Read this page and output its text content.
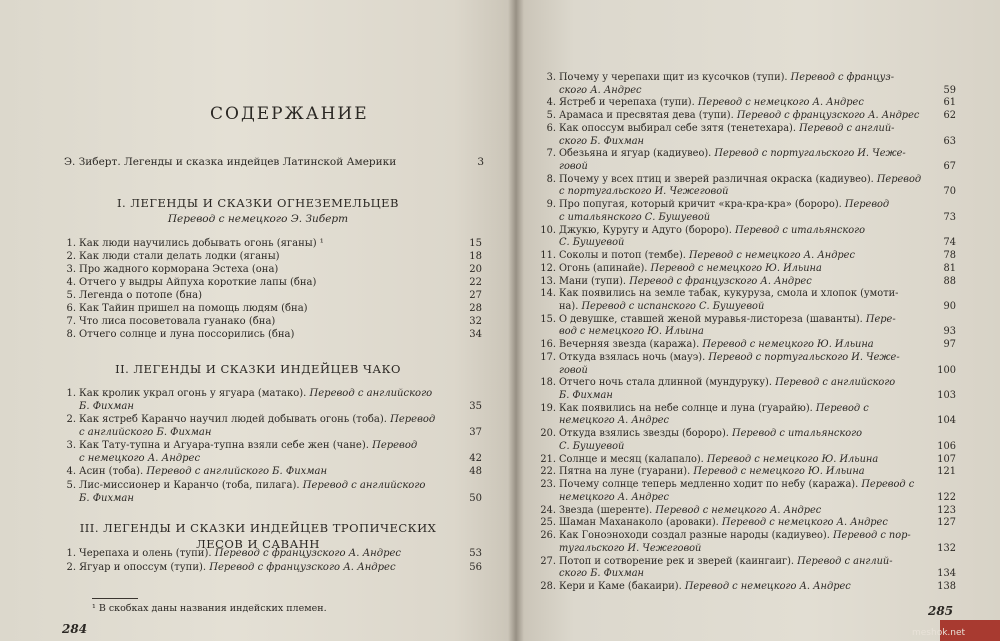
СОДЕРЖАНИЕ
Э. Зиберт. Легенды и сказка индейцев Латинской Америки	3
I. ЛЕГЕНДЫ И СКАЗКИ ОГНЕЗЕМЕЛЬЦЕВ
Перевод с немецкого Э. Зиберт
1. Как люди научились добывать огонь (яганы) ¹	15
2. Как люди стали делать лодки (яганы)	18
3. Про жадного корморана Эстеха (она)	20
4. Отчего у выдры Айпуха короткие лапы (бна)	22
5. Легенда о потопе (бна)	27
6. Как Тайин пришел на помощь людям (бна)	28
7. Что лиса посоветовала гуанако (бна)	32
8. Отчего солнце и луна поссорились (бна)	34
II. ЛЕГЕНДЫ И СКАЗКИ ИНДЕЙЦЕВ ЧАКО
1. Как кролик украл огонь у ягуара (матако). Перевод с английского
Б. Фихман	35
2. Как ястреб Каранчо научил людей добывать огонь (тоба). Перевод
с английского Б. Фихман	37
3. Как Тату-тупна и Агуара-тупна взяли себе жен (чане). Перевод
с немецкого А. Андрес	42
4. Асин (тоба). Перевод с английского Б. Фихман	48
5. Лис-миссионер и Каранчо (тоба, пилага). Перевод с английского
Б. Фихман	50
III. ЛЕГЕНДЫ И СКАЗКИ ИНДЕЙЦЕВ ТРОПИЧЕСКИХ
ЛЕСОВ И САВАНН
1. Черепаха и олень (тупи). Перевод с французского А. Андрес	53
2. Ягуар и опоссум (тупи). Перевод с французского А. Андрес	56
¹ В скобках даны названия индейских племен.
284
3. Почему у черепахи щит из кусочков (тупи). Перевод с француз-
ского А. Андрес	59
4. Ястреб и черепаха (тупи). Перевод с немецкого А. Андрес	61
5. Арамаса и пресвятая дева (тупи). Перевод с французского А. Андрес	62
6. Как опоссум выбирал себе зятя (тенетехара). Перевод с англий-
ского Б. Фихман	63
7. Обезьяна и ягуар (кадиувео). Перевод с португальского И. Чеже-
говой	67
8. Почему у всех птиц и зверей различная окраска (кадиувео). Перевод
с португальского И. Чежеговой	70
9. Про попугая, который кричит «кра-кра-кра» (бороро). Перевод
с итальянского С. Бушуевой	73
10. Джукю, Куругу и Адуго (бороро). Перевод с итальянского
С. Бушуевой	74
11. Соколы и потоп (тембе). Перевод с немецкого А. Андрес	78
12. Огонь (апинайе). Перевод с немецкого Ю. Ильина	81
13. Мани (тупи). Перевод с французского А. Андрес	88
14. Как появились на земле табак, кукуруза, смола и хлопок (умоти-
на). Перевод с испанского С. Бушуевой	90
15. О девушке, ставшей женой муравья-листореза (шаванты). Пере-
вод с немецкого Ю. Ильина	93
16. Вечерняя звезда (каража). Перевод с немецкого Ю. Ильина	97
17. Откуда взялась ночь (мауэ). Перевод с португальского И. Чеже-
говой	100
18. Отчего ночь стала длинной (мундуруку). Перевод с английского
Б. Фихман	103
19. Как появились на небе солнце и луна (гуарайю). Перевод с
немецкого А. Андрес	104
20. Откуда взялись звезды (бороро). Перевод с итальянского
С. Бушуевой	106
21. Солнце и месяц (калапало). Перевод с немецкого Ю. Ильина	107
22. Пятна на луне (гуарани). Перевод с немецкого Ю. Ильина	121
23. Почему солнце теперь медленно ходит по небу (каража). Перевод с
немецкого А. Андрес	122
24. Звезда (шеренте). Перевод с немецкого А. Андрес	123
25. Шаман Маханаколо (ароваки). Перевод с немецкого А. Андрес	127
26. Как Гоноэноходи создал разные народы (кадиувео). Перевод с пор-
тугальского И. Чежеговой	132
27. Потоп и сотворение рек и зверей (каингаиг). Перевод с англий-
ского Б. Фихман	134
28. Кери и Каме (бакаири). Перевод с немецкого А. Андрес	138
285
meshok.net
